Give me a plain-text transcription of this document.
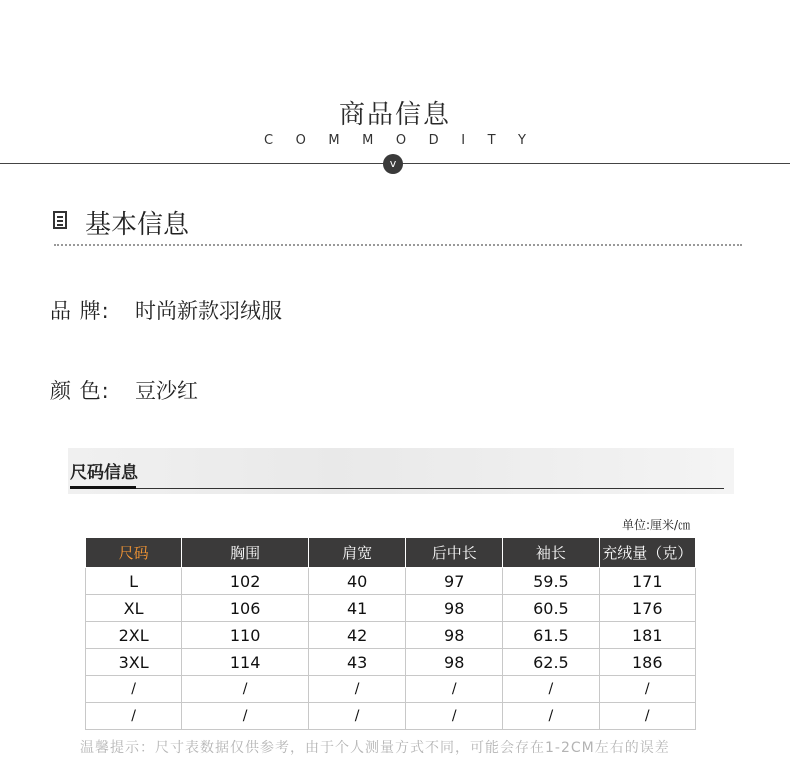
商品信息
C O M M O D I T Y
v
基本信息
品 牌: 时尚新款羽绒服
颜 色: 豆沙红
尺码信息
单位:厘米/㎝
尺码	胸围	肩宽	后中长	袖长	充绒量（克）
L	102	40	97	59.5	171
XL	106	41	98	60.5	176
2XL	110	42	98	61.5	181
3XL	114	43	98	62.5	186
/	/	/	/	/	/
/	/	/	/	/	/
温馨提示：尺寸表数据仅供参考，由于个人测量方式不同，可能会存在1-2CM左右的误差
